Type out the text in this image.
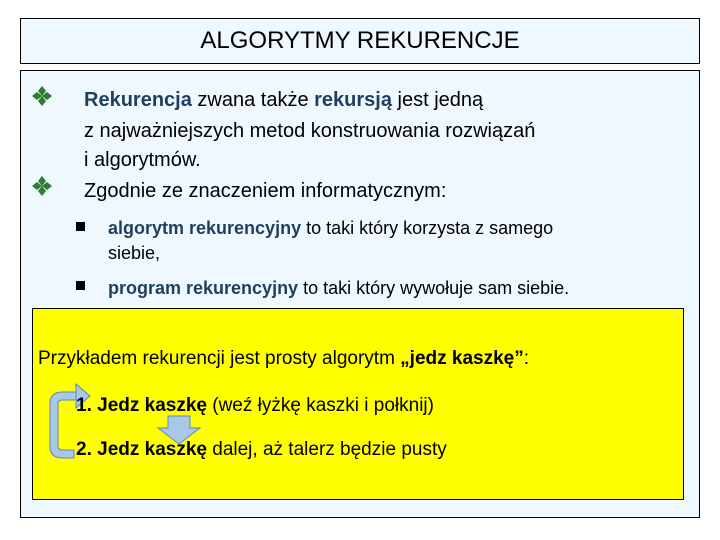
ALGORYTMY REKURENCJE
Rekurencja zwana także rekursją jest jedną
z najważniejszych metod konstruowania rozwiązań
i algorytmów.
Zgodnie ze znaczeniem informatycznym:
algorytm rekurencyjny to taki który korzysta z samego
siebie,
program rekurencyjny to taki który wywołuje sam siebie.
Przykładem rekurencji jest prosty algorytm „jedz kaszkę”:
1. Jedz kaszkę (weź łyżkę kaszki i połknij)
2. Jedz kaszkę dalej, aż talerz będzie pusty
